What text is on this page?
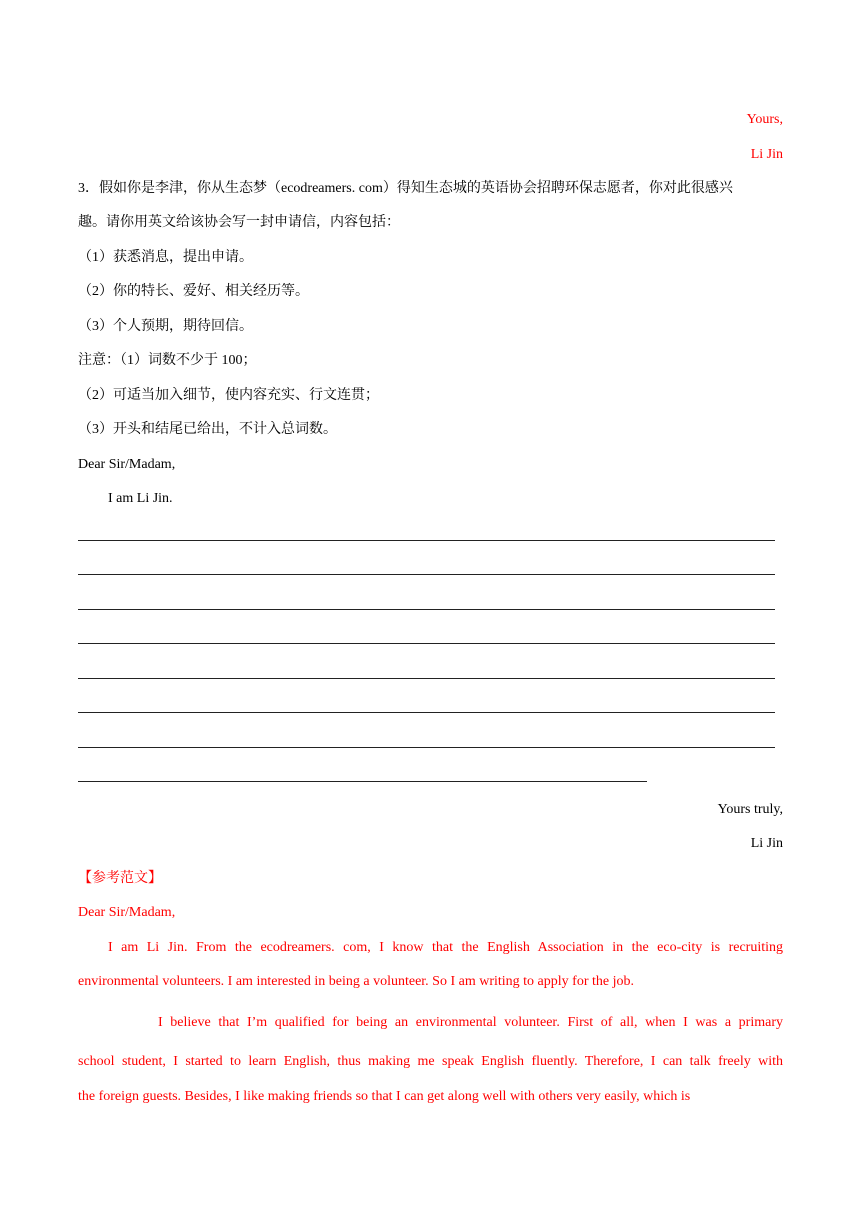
Yours,
Li Jin
3．假如你是李津，你从生态梦（ecodreamers. com）得知生态城的英语协会招聘环保志愿者，你对此很感兴
趣。请你用英文给该协会写一封申请信，内容包括：
（1）获悉消息，提出申请。
（2）你的特长、爱好、相关经历等。
（3）个人预期，期待回信。
注意：（1）词数不少于 100；
（2）可适当加入细节，使内容充实、行文连贯；
（3）开头和结尾已给出，不计入总词数。
Dear Sir/Madam,
I am Li Jin.
Yours truly,
Li Jin
【参考范文】
Dear Sir/Madam,
I am Li Jin. From the ecodreamers. com, I know that the English Association in the eco-city is recruiting
environmental volunteers. I am interested in being a volunteer. So I am writing to apply for the job.
I believe that I’m qualified for being an environmental volunteer. First of all, when I was a primary
school student, I started to learn English, thus making me speak English fluently. Therefore, I can talk freely with
the foreign guests. Besides, I like making friends so that I can get along well with others very easily, which is
